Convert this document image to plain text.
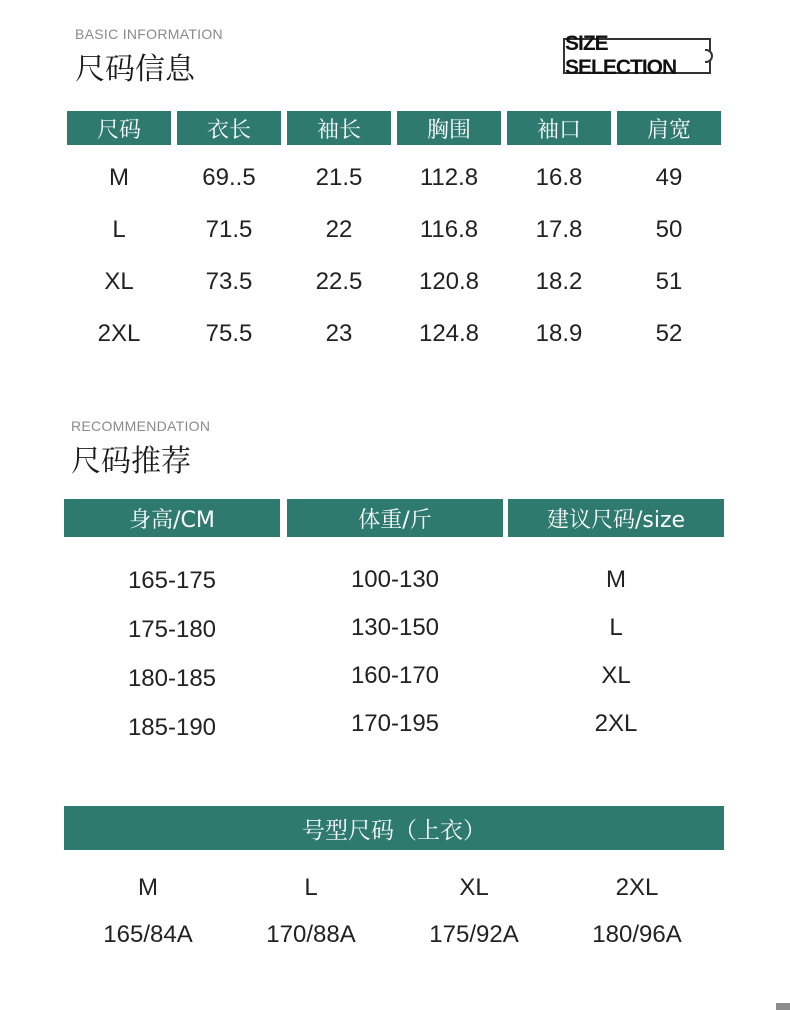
BASIC INFORMATION
尺码信息
SIZE SELECTION
尺码	衣长	袖长	胸围	袖口	肩宽
M	69..5	21.5	112.8	16.8	49
L	71.5	22	116.8	17.8	50
XL	73.5	22.5	120.8	18.2	51
2XL	75.5	23	124.8	18.9	52
RECOMMENDATION
尺码推荐
身高/CM	体重/斤	建议尺码/size
165-175	100-130	M
175-180	130-150	L
180-185	160-170	XL
185-190	170-195	2XL
号型尺码（上衣）
M	L	XL	2XL
165/84A	170/88A	175/92A	180/96A
